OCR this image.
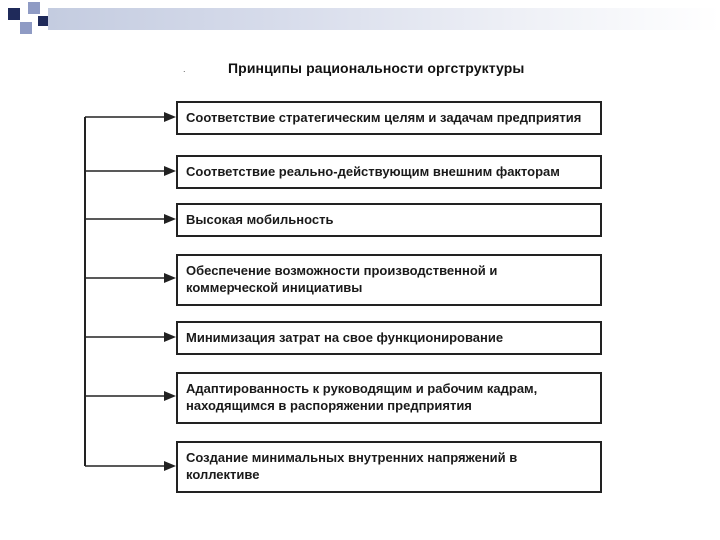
.	Принципы рациональности оргструктуры
Соответствие стратегическим целям и задачам предприятия
Соответствие реально-действующим внешним факторам
Высокая мобильность
Обеспечение возможности производственной и коммерческой инициативы
Минимизация затрат на свое функционирование
Адаптированность к руководящим и рабочим кадрам, находящимся в распоряжении предприятия
Создание минимальных внутренних напряжений в коллективе
